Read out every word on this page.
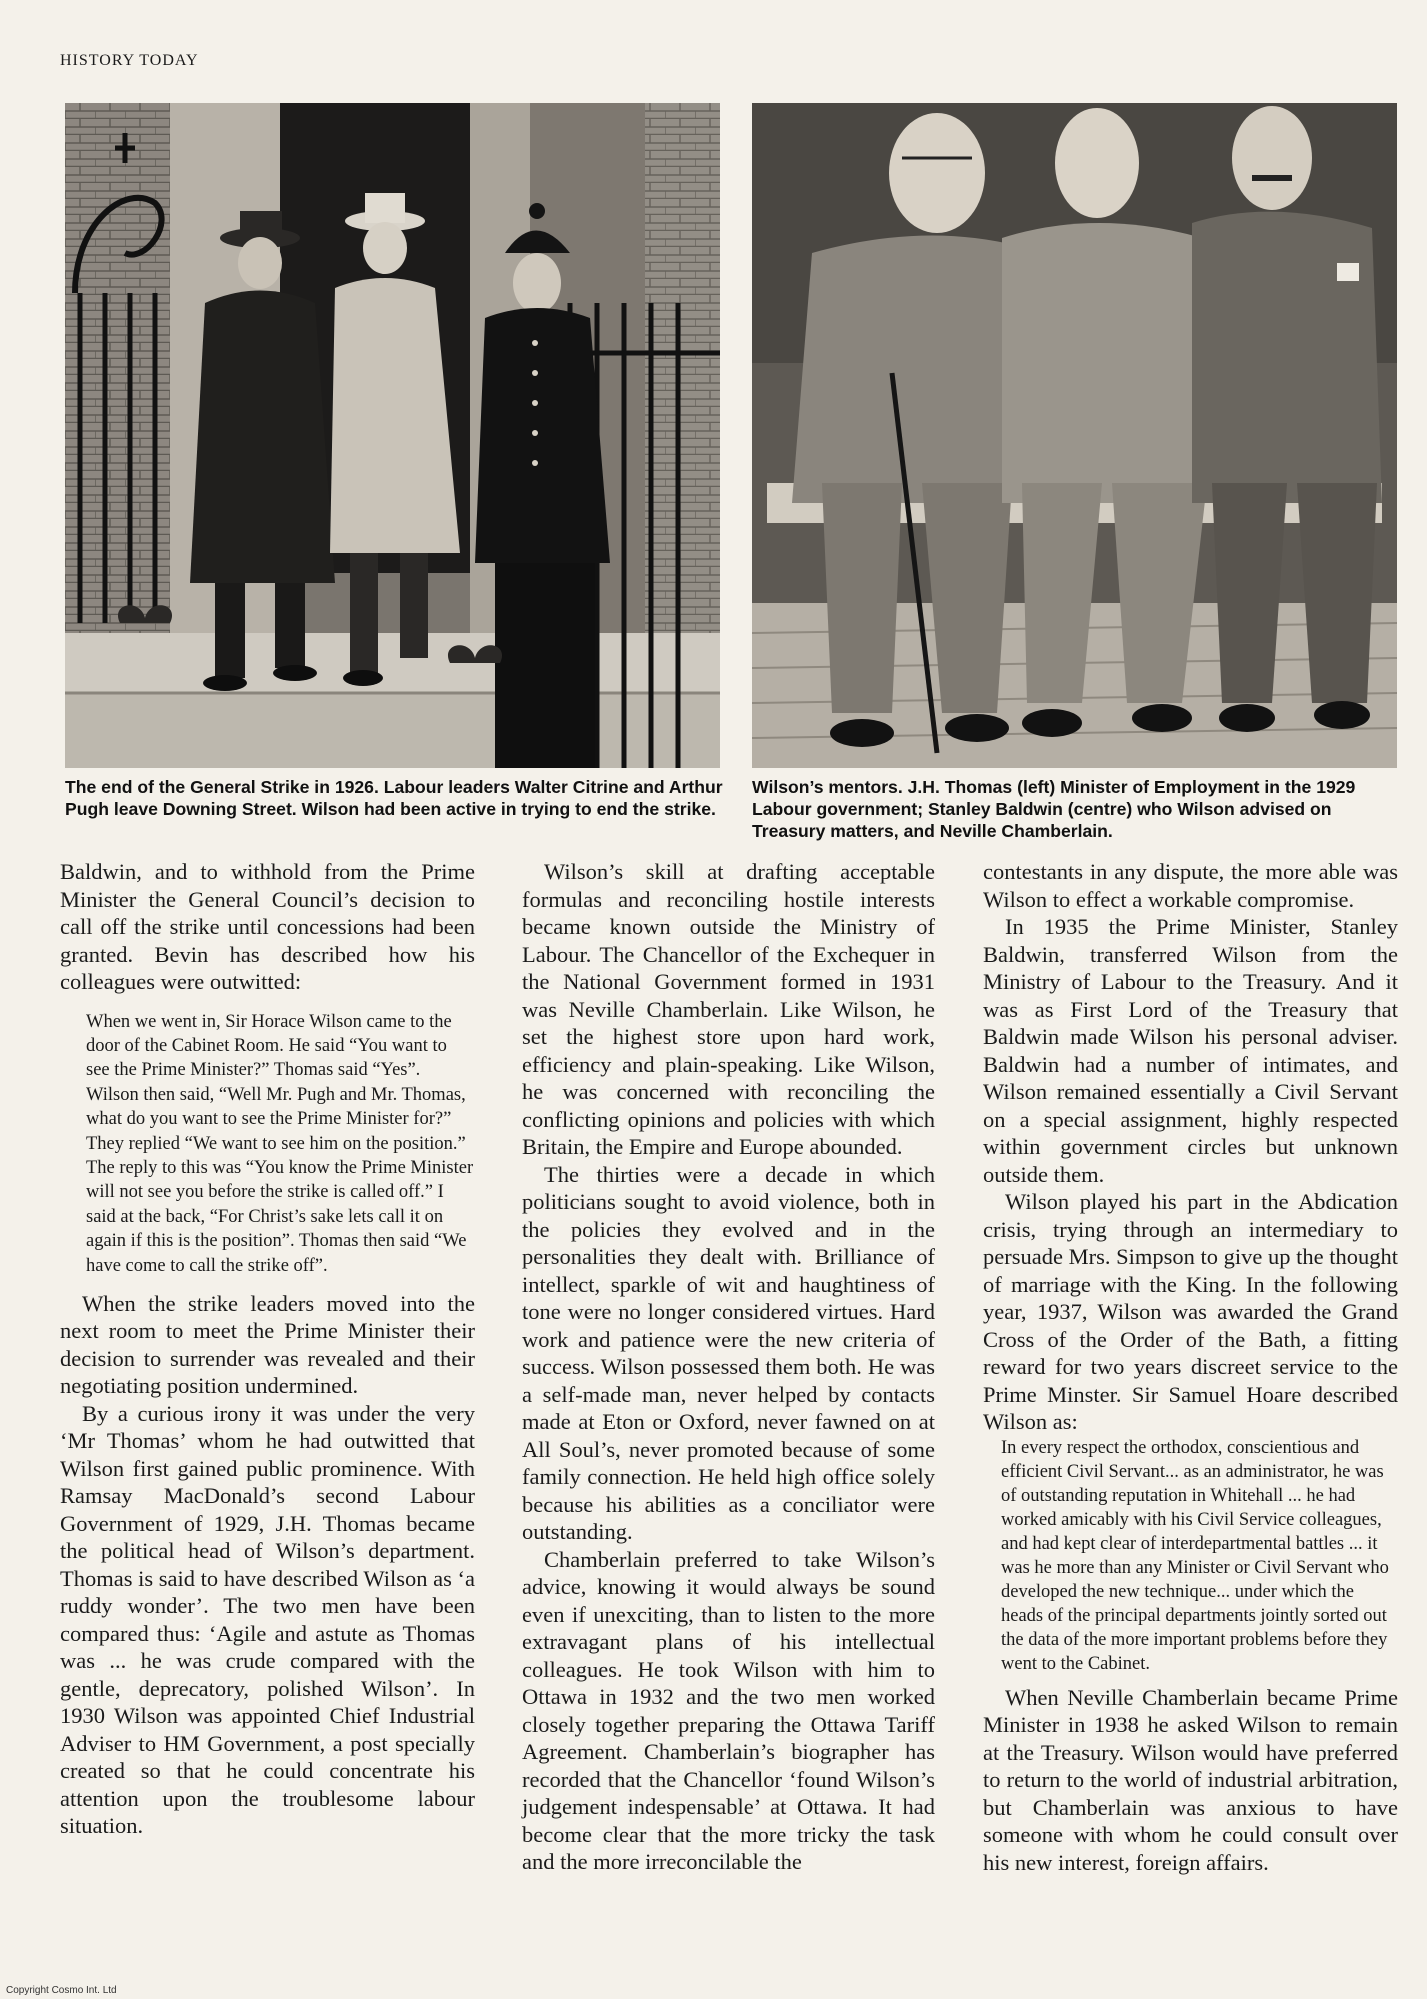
HISTORY TODAY
The end of the General Strike in 1926. Labour leaders Walter Citrine and Arthur Pugh leave Downing Street. Wilson had been active in trying to end the strike.
Wilson’s mentors. J.H. Thomas (left) Minister of Employment in the 1929 Labour government; Stanley Baldwin (centre) who Wilson advised on Treasury matters, and Neville Chamberlain.

Baldwin, and to withhold from the Prime Minister the General Council’s decision to call off the strike until concessions had been granted. Bevin has described how his colleagues were outwitted:

When we went in, Sir Horace Wilson came to the door of the Cabinet Room. He said “You want to see the Prime Minister?” Thomas said “Yes”. Wilson then said, “Well Mr. Pugh and Mr. Thomas, what do you want to see the Prime Minister for?” They replied “We want to see him on the position.” The reply to this was “You know the Prime Minister will not see you before the strike is called off.” I said at the back, “For Christ’s sake lets call it on again if this is the position”. Thomas then said “We have come to call the strike off”.

When the strike leaders moved into the next room to meet the Prime Minister their decision to surrender was revealed and their negotiating position undermined.

By a curious irony it was under the very ‘Mr Thomas’ whom he had outwitted that Wilson first gained public prominence. With Ramsay MacDonald’s second Labour Government of 1929, J.H. Thomas became the political head of Wilson’s department. Thomas is said to have described Wilson as ‘a ruddy wonder’. The two men have been compared thus: ‘Agile and astute as Thomas was ... he was crude compared with the gentle, deprecatory, polished Wilson’. In 1930 Wilson was appointed Chief Industrial Adviser to HM Government, a post specially created so that he could concentrate his attention upon the troublesome labour situation.

Wilson’s skill at drafting acceptable formulas and reconciling hostile interests became known outside the Ministry of Labour. The Chancellor of the Exchequer in the National Government formed in 1931 was Neville Chamberlain. Like Wilson, he set the highest store upon hard work, efficiency and plain-speaking. Like Wilson, he was concerned with reconciling the conflicting opinions and policies with which Britain, the Empire and Europe abounded.

The thirties were a decade in which politicians sought to avoid violence, both in the policies they evolved and in the personalities they dealt with. Brilliance of intellect, sparkle of wit and haughtiness of tone were no longer considered virtues. Hard work and patience were the new criteria of success. Wilson possessed them both. He was a self-made man, never helped by contacts made at Eton or Oxford, never fawned on at All Soul’s, never promoted because of some family connection. He held high office solely because his abilities as a conciliator were outstanding.

Chamberlain preferred to take Wilson’s advice, knowing it would always be sound even if unexciting, than to listen to the more extravagant plans of his intellectual colleagues. He took Wilson with him to Ottawa in 1932 and the two men worked closely together preparing the Ottawa Tariff Agreement. Chamberlain’s biographer has recorded that the Chancellor ‘found Wilson’s judgement indespensable’ at Ottawa. It had become clear that the more tricky the task and the more irreconcilable the

contestants in any dispute, the more able was Wilson to effect a workable compromise.

In 1935 the Prime Minister, Stanley Baldwin, transferred Wilson from the Ministry of Labour to the Treasury. And it was as First Lord of the Treasury that Baldwin made Wilson his personal adviser. Baldwin had a number of intimates, and Wilson remained essentially a Civil Servant on a special assignment, highly respected within government circles but unknown outside them.

Wilson played his part in the Abdication crisis, trying through an intermediary to persuade Mrs. Simpson to give up the thought of marriage with the King. In the following year, 1937, Wilson was awarded the Grand Cross of the Order of the Bath, a fitting reward for two years discreet service to the Prime Minster. Sir Samuel Hoare described Wilson as:

In every respect the orthodox, conscientious and efficient Civil Servant... as an administrator, he was of outstanding reputation in Whitehall ... he had worked amicably with his Civil Service colleagues, and had kept clear of interdepartmental battles ... it was he more than any Minister or Civil Servant who developed the new technique... under which the heads of the principal departments jointly sorted out the data of the more important problems before they went to the Cabinet.

When Neville Chamberlain became Prime Minister in 1938 he asked Wilson to remain at the Treasury. Wilson would have preferred to return to the world of industrial arbitration, but Chamberlain was anxious to have someone with whom he could consult over his new interest, foreign affairs.

Copyright Cosmo Int. Ltd
